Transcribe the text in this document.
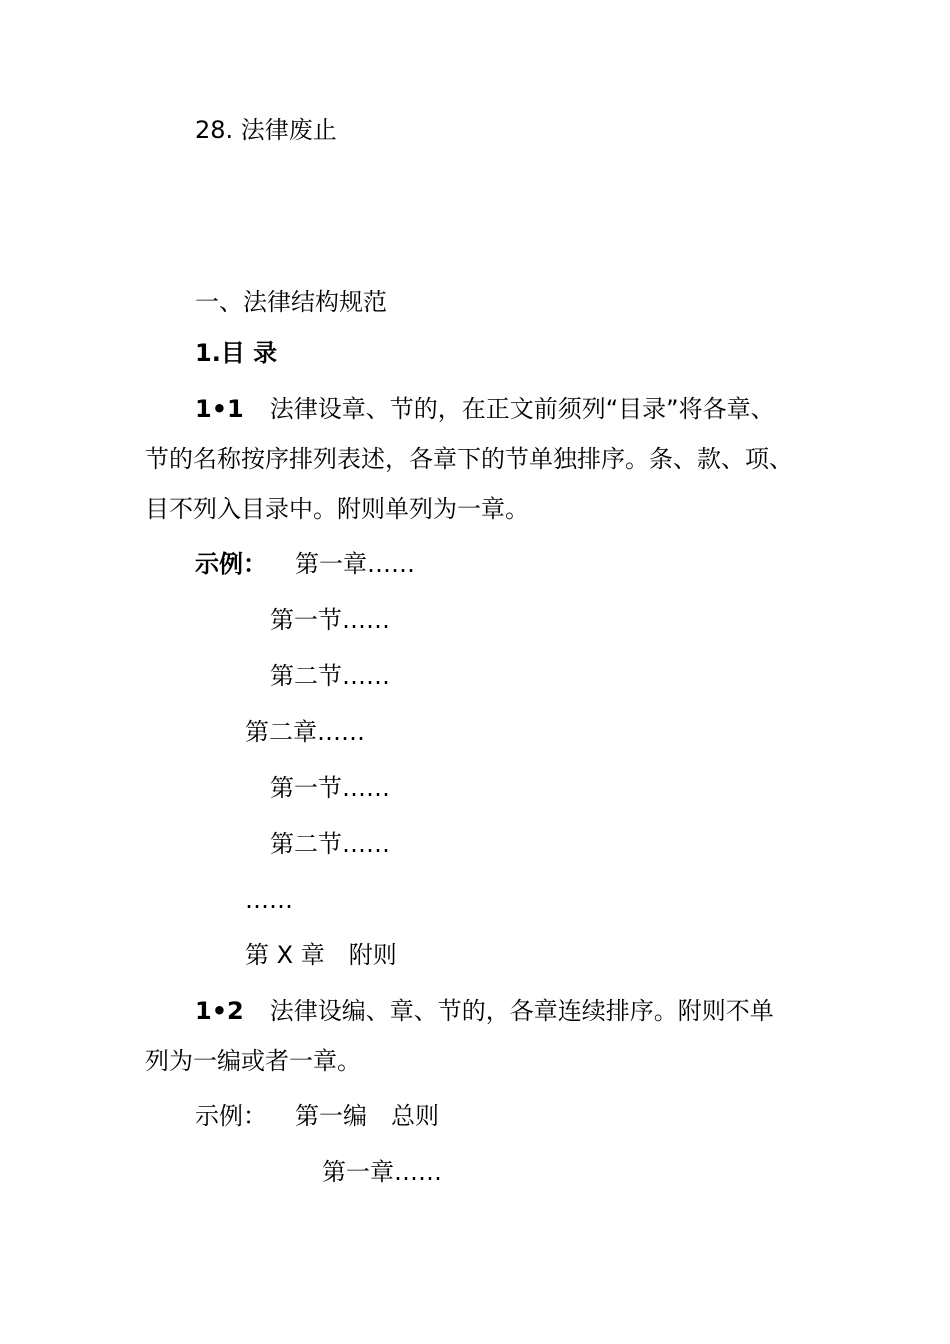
28. 法律废止

一、法律结构规范

1.目 录

1•1 法律设章、节的，在正文前须列“目录”将各章、

节的名称按序排列表述，各章下的节单独排序。条、款、项、

目不列入目录中。附则单列为一章。

示例： 第一章……

第一节……

第二节……

第二章……

第一节……

第二节……

……

第 X 章　附则

1•2 法律设编、章、节的，各章连续排序。附则不单

列为一编或者一章。

示例： 第一编　总则

第一章……
